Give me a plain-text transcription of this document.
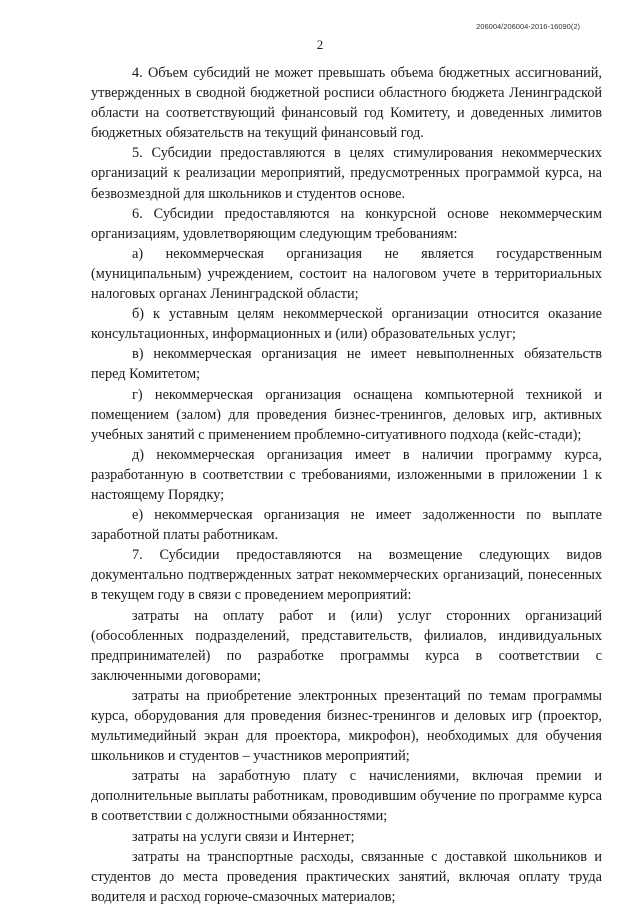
206004/206004-2016-16090(2)
2

4. Объем субсидий не может превышать объема бюджетных ассигнований, утвержденных в сводной бюджетной росписи областного бюджета Ленинградской области на соответствующий финансовый год Комитету, и доведенных лимитов бюджетных обязательств на текущий финансовый год.

5. Субсидии предоставляются в целях стимулирования некоммерческих организаций к реализации мероприятий, предусмотренных программой курса, на безвозмездной для школьников и студентов основе.

6. Субсидии предоставляются на конкурсной основе некоммерческим организациям, удовлетворяющим следующим требованиям:

а) некоммерческая организация не является государственным (муниципальным) учреждением, состоит на налоговом учете в территориальных налоговых органах Ленинградской области;

б) к уставным целям некоммерческой организации относится оказание консультационных, информационных и (или) образовательных услуг;

в) некоммерческая организация не имеет невыполненных обязательств перед Комитетом;

г) некоммерческая организация оснащена компьютерной техникой и помещением (залом) для проведения бизнес-тренингов, деловых игр, активных учебных занятий с применением проблемно-ситуативного подхода (кейс-стади);

д) некоммерческая организация имеет в наличии программу курса, разработанную в соответствии с требованиями, изложенными в приложении 1 к настоящему Порядку;

е) некоммерческая организация не имеет задолженности по выплате заработной платы работникам.

7. Субсидии предоставляются на возмещение следующих видов документально подтвержденных затрат некоммерческих организаций, понесенных в текущем году в связи с проведением мероприятий:

затраты на оплату работ и (или) услуг сторонних организаций (обособленных подразделений, представительств, филиалов, индивидуальных предпринимателей) по разработке программы курса в соответствии с заключенными договорами;

затраты на приобретение электронных презентаций по темам программы курса, оборудования для проведения бизнес-тренингов и деловых игр (проектор, мультимедийный экран для проектора, микрофон), необходимых для обучения школьников и студентов – участников мероприятий;

затраты на заработную плату с начислениями, включая премии и дополнительные выплаты работникам, проводившим обучение по программе курса в соответствии с должностными обязанностями;

затраты на услуги связи и Интернет;

затраты на транспортные расходы, связанные с доставкой школьников и студентов до места проведения практических занятий, включая оплату труда водителя и расход горюче-смазочных материалов;
